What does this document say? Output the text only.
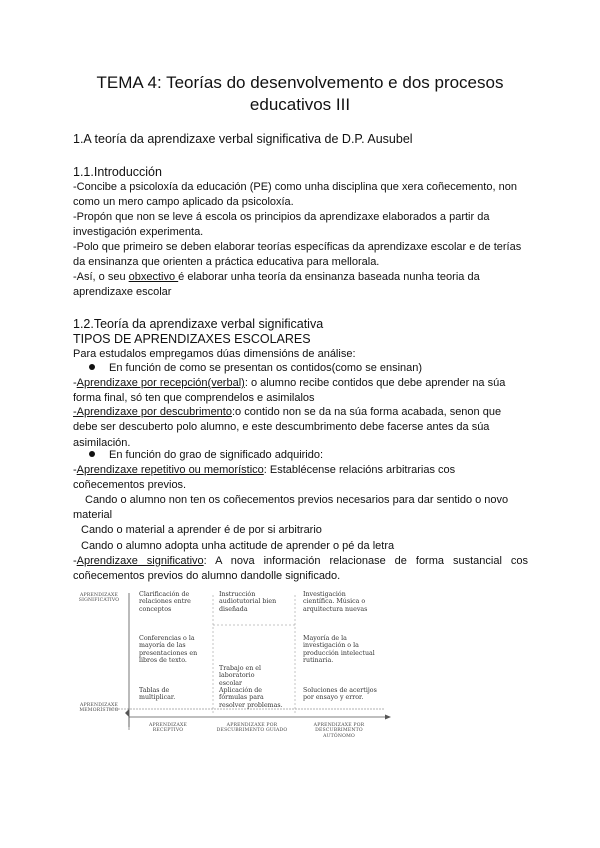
TEMA 4: Teorías do desenvolvemento e dos procesos
educativos III

1.A teoría da aprendizaxe verbal significativa de D.P. Ausubel

1.1.Introducción

-Concibe a psicoloxía da educación (PE) como unha disciplina que xera coñecemento, non como un mero campo aplicado da psicoloxía.

-Propón que non se leve á escola os principios da aprendizaxe elaborados a partir da investigación experimenta.

-Polo que primeiro se deben elaborar teorías específicas da aprendizaxe escolar e de terías da ensinanza que orienten a práctica educativa para mellorala.

-Así, o seu obxectivo é elaborar unha teoría da ensinanza baseada nunha teoria da aprendizaxe escolar

1.2.Teoría da aprendizaxe verbal significativa

TIPOS DE APRENDIZAXES ESCOLARES

Para estudalos empregamos dúas dimensións de análise:

En función de como se presentan os contidos(como se ensinan)

-Aprendizaxe por recepción(verbal): o alumno recibe contidos que debe aprender na súa forma final, só ten que comprendelos e asimilalos

-Aprendizaxe por descubrimento:o contido non se da na súa forma acabada, senon que debe ser descuberto polo alumno, e este descumbrimento debe facerse antes da súa asimilación.

En función do grao de significado adquirido:

-Aprendizaxe repetitivo ou memorístico: Establécense relacións arbitrarias cos coñecementos previos.

Cando o alumno non ten os coñecementos previos necesarios para dar sentido o novo material

Cando o material a aprender é de por si arbitrario

Cando o alumno adopta unha actitude de aprender o pé da letra

-Aprendizaxe significativo: A nova información relacionase de forma sustancial cos coñecementos previos do alumno dandolle significado.

APRENDIZAXE SIGNIFICATIVO
APRENDIZAXE MEMORÍSTICO
Clarificación de relaciones entre conceptos
Instrucción audiotutorial bien diseñada
Investigación científica. Música o arquitectura nuevas
Conferencias o la mayoría de las presentaciones en libros de texto.
Mayoría de la investigación o la producción intelectual rutinaria.
Trabajo en el laboratorio escolar
Tablas de multiplicar.
Aplicación de fórmulas para resolver problemas.
Soluciones de acertijos por ensayo y error.
APRENDIZAXE RECEPTIVO
APRENDIZAXE POR DESCUBRIMENTO GUIADO
APRENDIZAXE POR DESCUBRIMENTO AUTÓNOMO
